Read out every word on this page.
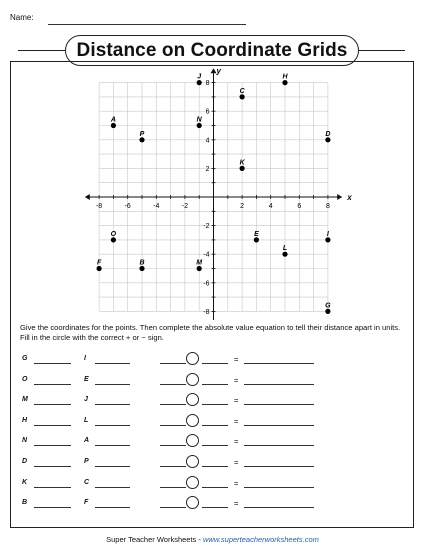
Name:
Distance on Coordinate Grids
x
y
-8	-6	-4	-2	2	4	6	8
8
6
4
2
-2
-4
-6
-8
A
B
C
D
E
F
G
H
I
J
K
L
M
N
O
P
Give the coordinates for the points. Then complete the absolute value equation to tell their distance apart in units. Fill in the circle with the correct + or − sign.
G	I	=
O	E	=
M	J	=
H	L	=
N	A	=
D	P	=
K	C	=
B	F	=
Super Teacher Worksheets - www.superteacherworksheets.com
